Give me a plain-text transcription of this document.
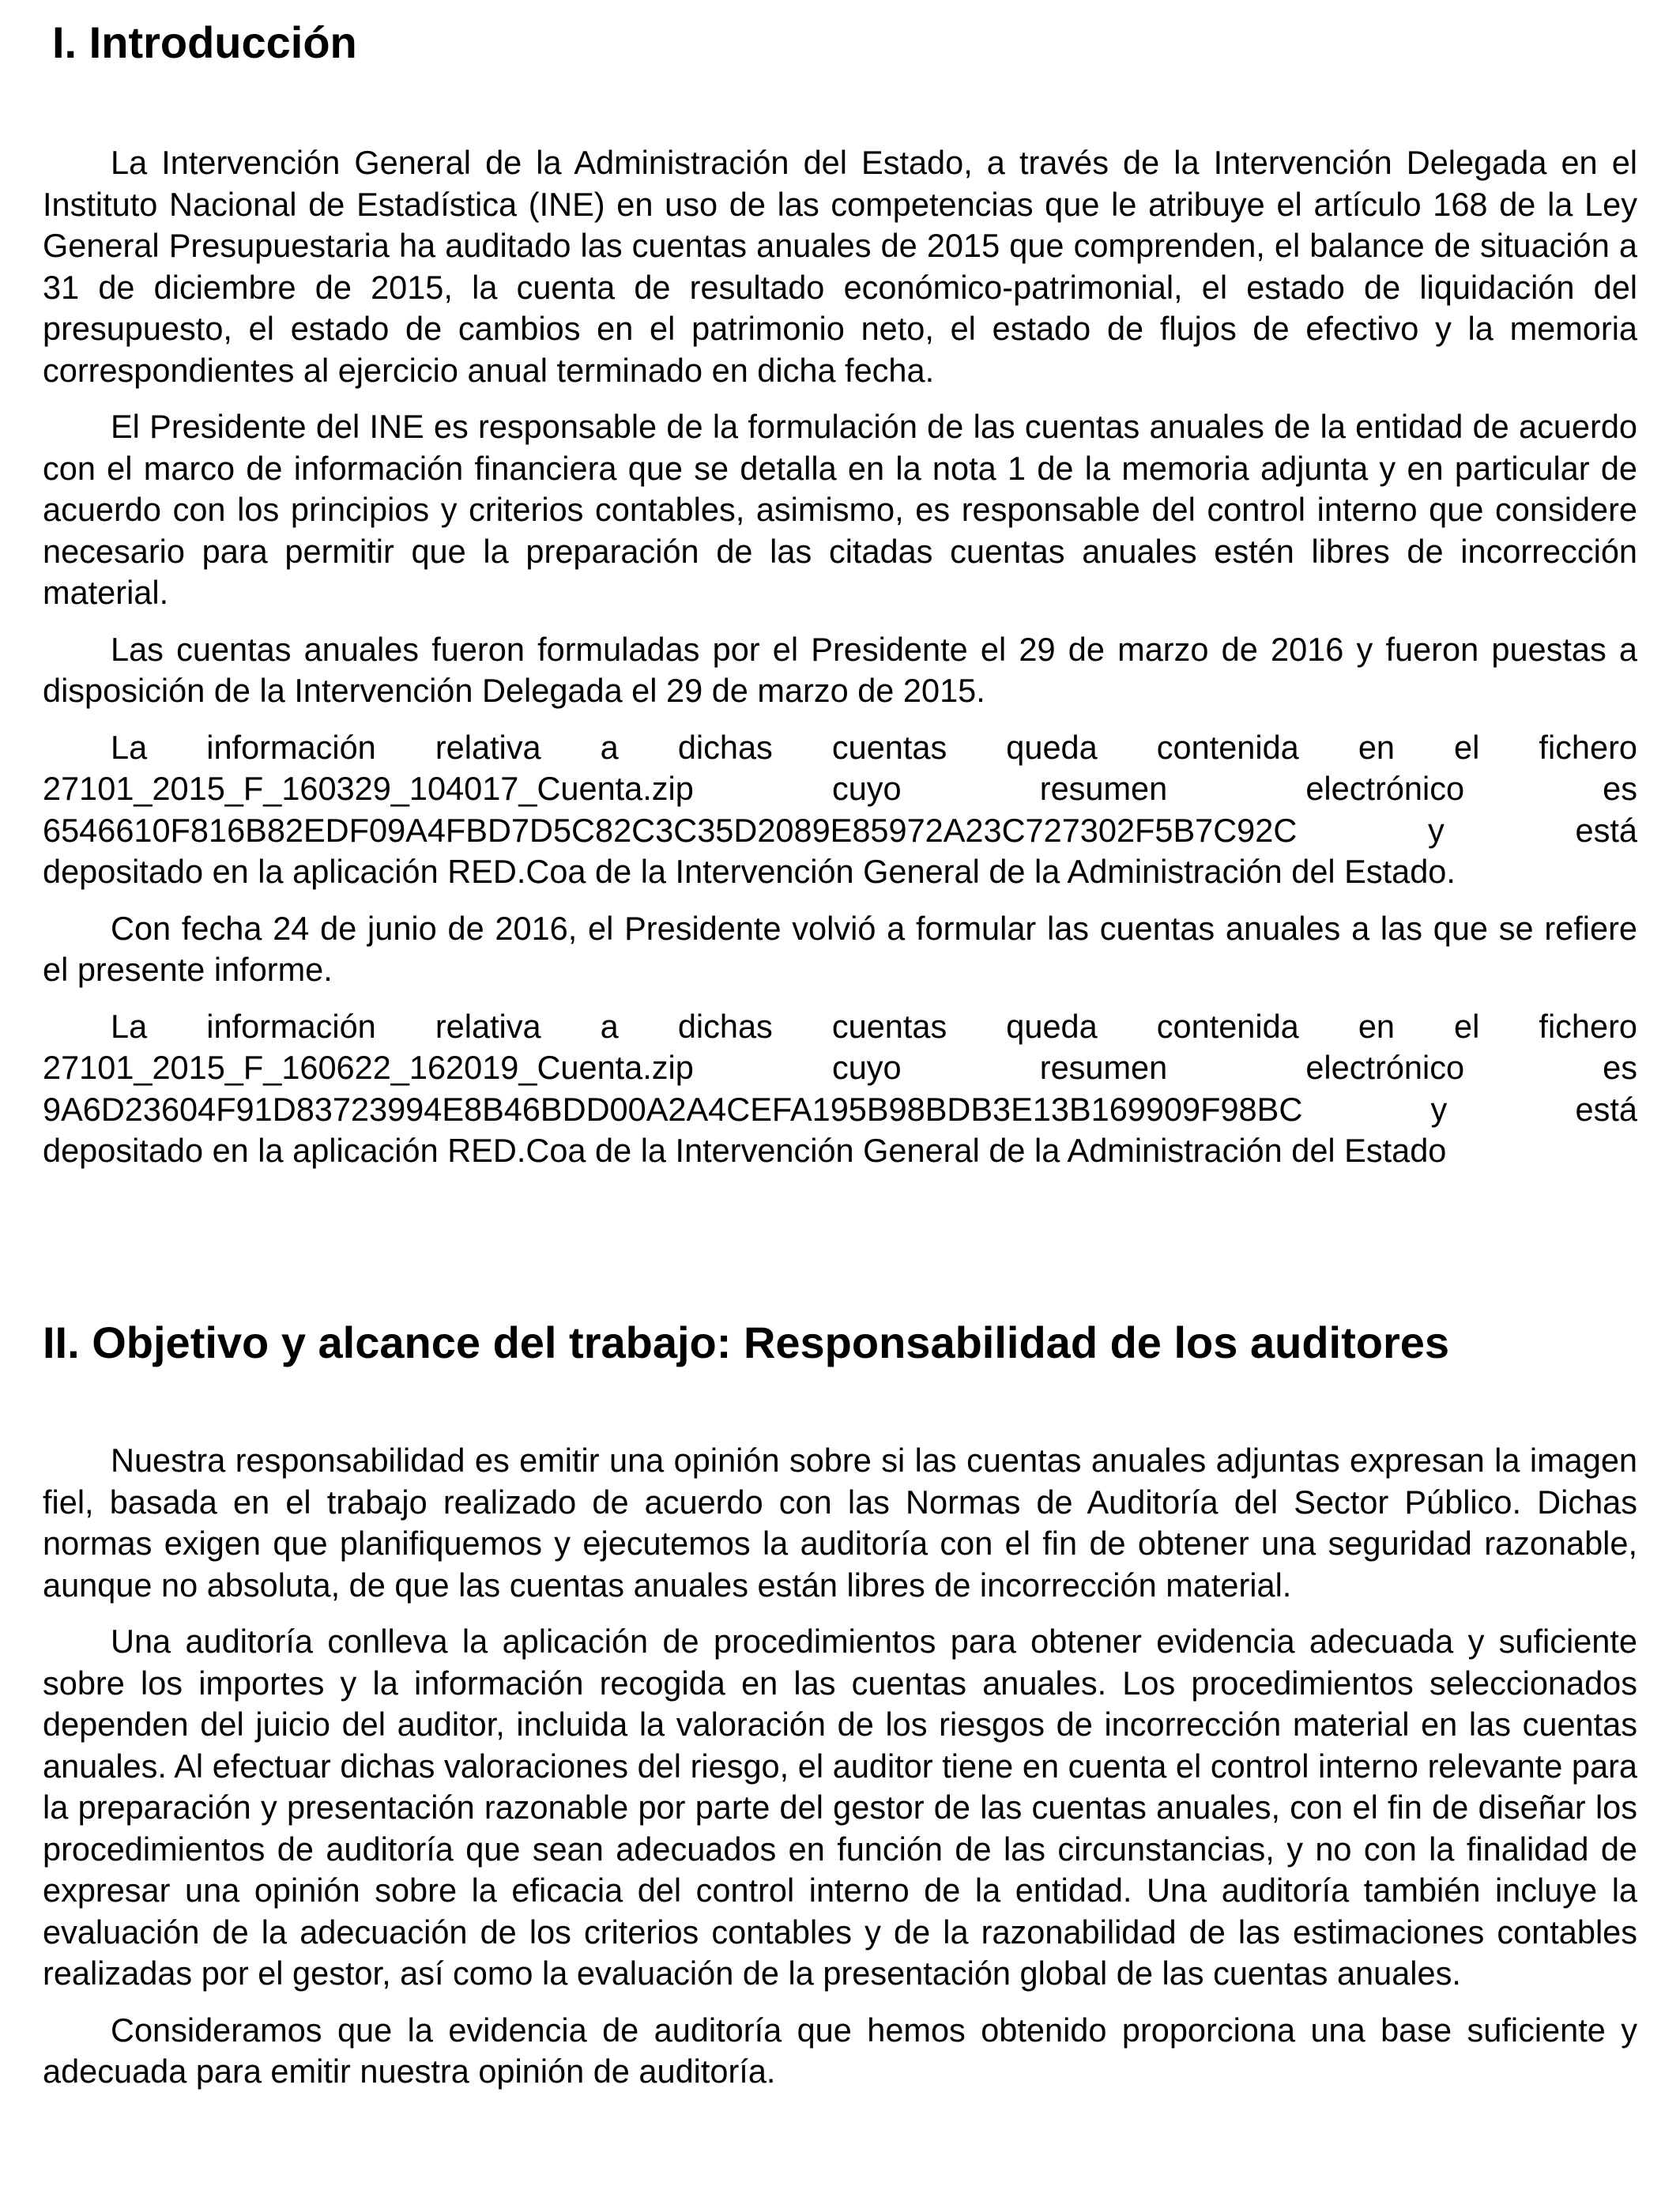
I. Introducción

La Intervención General de la Administración del Estado, a través de la Intervención Delegada en el Instituto Nacional de Estadística (INE) en uso de las competencias que le atribuye el artículo 168 de la Ley General Presupuestaria ha auditado las cuentas anuales de 2015 que comprenden, el balance de situación a 31 de diciembre de 2015, la cuenta de resultado económico-patrimonial, el estado de liquidación del presupuesto, el estado de cambios en el patrimonio neto, el estado de flujos de efectivo y la memoria correspondientes al ejercicio anual terminado en dicha fecha.

El Presidente del INE es responsable de la formulación de las cuentas anuales de la entidad de acuerdo con el marco de información financiera que se detalla en la nota 1 de la memoria adjunta y en particular de acuerdo con los principios y criterios contables, asimismo, es responsable del control interno que considere necesario para permitir que la preparación de las citadas cuentas anuales estén libres de incorrección material.

Las cuentas anuales fueron formuladas por el Presidente el 29 de marzo de 2016 y fueron puestas a disposición de la Intervención Delegada el 29 de marzo de 2015.

La información relativa a dichas cuentas queda contenida en el fichero
27101_2015_F_160329_104017_Cuenta.zip cuyo resumen electrónico es
6546610F816B82EDF09A4FBD7D5C82C3C35D2089E85972A23C727302F5B7C92C y está
depositado en la aplicación RED.Coa de la Intervención General de la Administración del Estado.

Con fecha 24 de junio de 2016, el Presidente volvió a formular las cuentas anuales a las que se refiere el presente informe.

La información relativa a dichas cuentas queda contenida en el fichero
27101_2015_F_160622_162019_Cuenta.zip cuyo resumen electrónico es
9A6D23604F91D83723994E8B46BDD00A2A4CEFA195B98BDB3E13B169909F98BC y está
depositado en la aplicación RED.Coa de la Intervención General de la Administración del Estado

II. Objetivo y alcance del trabajo: Responsabilidad de los auditores

Nuestra responsabilidad es emitir una opinión sobre si las cuentas anuales adjuntas expresan la imagen fiel, basada en el trabajo realizado de acuerdo con las Normas de Auditoría del Sector Público. Dichas normas exigen que planifiquemos y ejecutemos la auditoría con el fin de obtener una seguridad razonable, aunque no absoluta, de que las cuentas anuales están libres de incorrección material.

Una auditoría conlleva la aplicación de procedimientos para obtener evidencia adecuada y suficiente sobre los importes y la información recogida en las cuentas anuales. Los procedimientos seleccionados dependen del juicio del auditor, incluida la valoración de los riesgos de incorrección material en las cuentas anuales. Al efectuar dichas valoraciones del riesgo, el auditor tiene en cuenta el control interno relevante para la preparación y presentación razonable por parte del gestor de las cuentas anuales, con el fin de diseñar los procedimientos de auditoría que sean adecuados en función de las circunstancias, y no con la finalidad de expresar una opinión sobre la eficacia del control interno de la entidad. Una auditoría también incluye la evaluación de la adecuación de los criterios contables y de la razonabilidad de las estimaciones contables realizadas por el gestor, así como la evaluación de la presentación global de las cuentas anuales.

Consideramos que la evidencia de auditoría que hemos obtenido proporciona una base suficiente y adecuada para emitir nuestra opinión de auditoría.
